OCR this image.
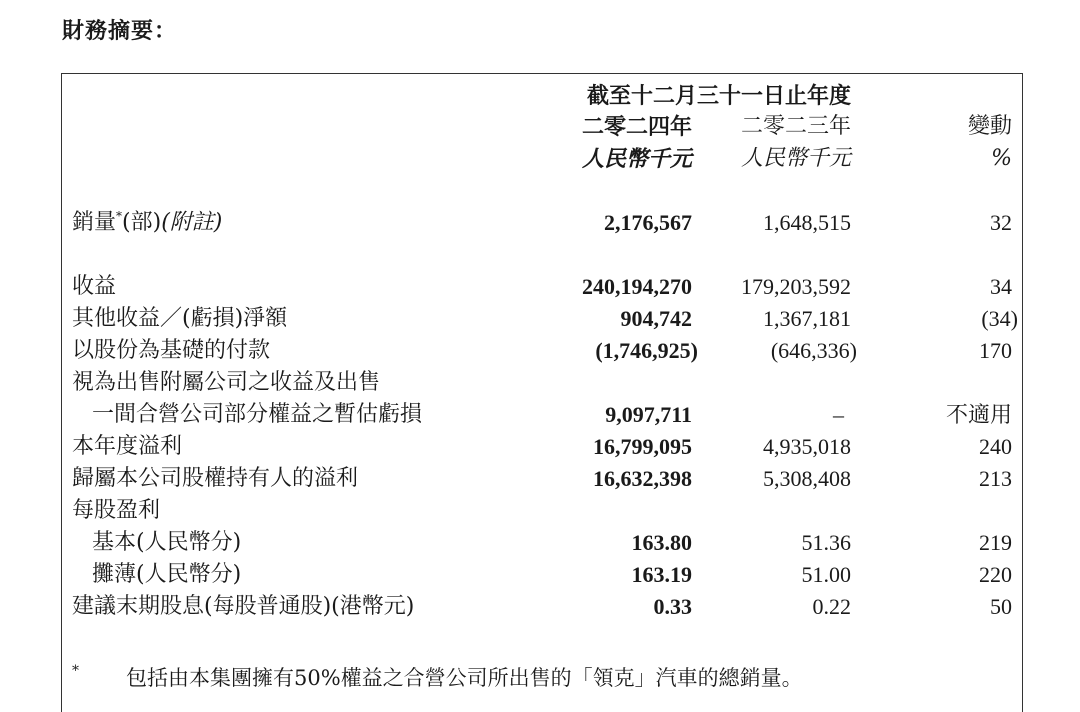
財務摘要：
截至十二月三十一日止年度
二零二四年 二零二三年	變動
人民幣千元 人民幣千元	%
銷量*(部)(附註)	2,176,567	1,648,515	32
收益	240,194,270 179,203,592	34
其他收益／(虧損)淨額	904,742	1,367,181	(34)
以股份為基礎的付款	(1,746,925)	(646,336)	170
視為出售附屬公司之收益及出售
一間合營公司部分權益之暫估虧損	9,097,711	–	不適用
本年度溢利	16,799,095	4,935,018	240
歸屬本公司股權持有人的溢利	16,632,398	5,308,408	213
每股盈利
基本(人民幣分)	163.80	51.36	219
攤薄(人民幣分)	163.19	51.00	220
建議末期股息(每股普通股)(港幣元)	0.33	0.22	50
* 包括由本集團擁有50%權益之合營公司所出售的「領克」汽車的總銷量。
